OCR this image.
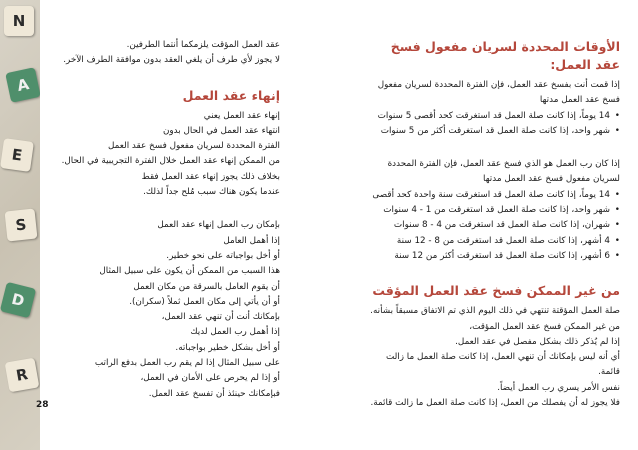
N
A
E
S
D
R
الأوقات المحددة لسريان مفعول فسخ عقد العمل:

إذا قمت أنت بفسخ عقد العمل، فإن الفترة المحددة لسريان مفعول فسخ عقد العمل مدتها

• 14 يوماً، إذا كانت صلة العمل قد استغرقت كحد أقصى 5 سنوات
• شهر واحد، إذا كانت صلة العمل قد استغرقت أكثر من 5 سنوات

إذا كان رب العمل هو الذي فسخ عقد العمل، فإن الفترة المحددة لسريان مفعول فسخ عقد العمل مدتها

• 14 يوماً، إذا كانت صلة العمل قد استغرقت سنة واحدة كحد أقصى
• شهر واحد، إذا كانت صلة العمل قد استغرقت من 1 - 4 سنوات
• شهران، إذا كانت صلة العمل قد استغرقت من 4 - 8 سنوات
• 4 أشهر، إذا كانت صلة العمل قد استغرقت من 8 - 12 سنة
• 6 أشهر، إذا كانت صلة العمل قد استغرقت أكثر من 12 سنة
من غير الممكن فسخ عقد العمل المؤقت

صلة العمل المؤقتة تنتهي في ذلك اليوم الذي تم الاتفاق مسبقاً بشأنه.

من غير الممكن فسخ عقد العمل المؤقت،

إذا لم يُذكر ذلك بشكل مفصل في عقد العمل.

أي أنه ليس بإمكانك أن تنهي العمل، إذا كانت صلة العمل ما زالت قائمة.

نفس الأمر يسري رب العمل أيضاً.

فلا يجوز له أن يفصلك من العمل، إذا كانت صلة العمل ما زالت قائمة.

عقد العمل المؤقت يلزمكما أنتما الطرفين.

لا يجوز لأي طرف أن يلغي العقد بدون موافقة الطرف الآخر.

إنهاء عقد العمل

إنهاء عقد العمل يعني

انتهاء عقد العمل في الحال بدون

الفترة المحددة لسريان مفعول فسخ عقد العمل

من الممكن إنهاء عقد العمل خلال الفترة التجريبية في الحال.

بخلاف ذلك يجوز إنهاء عقد العمل فقط

عندما يكون هناك سبب مُلح جداً لذلك.

بإمكان رب العمل إنهاء عقد العمل

إذا أهمل العامل

أو أخل بواجباته على نحو خطير.

هذا السبب من الممكن أن يكون على سبيل المثال

أن يقوم العامل بالسرقة من مكان العمل

أو أن يأتي إلى مكان العمل ثملاً (سكران).

بإمكانك أنت أن تنهي عقد العمل،

إذا أهمل رب العمل لديك

أو أخل بشكل خطير بواجباته.

على سبيل المثال إذا لم يقم رب العمل بدفع الراتب

أو إذا لم يحرص على الأمان في العمل،

فبإمكانك حينئذ أن تفسخ عقد العمل.

28
